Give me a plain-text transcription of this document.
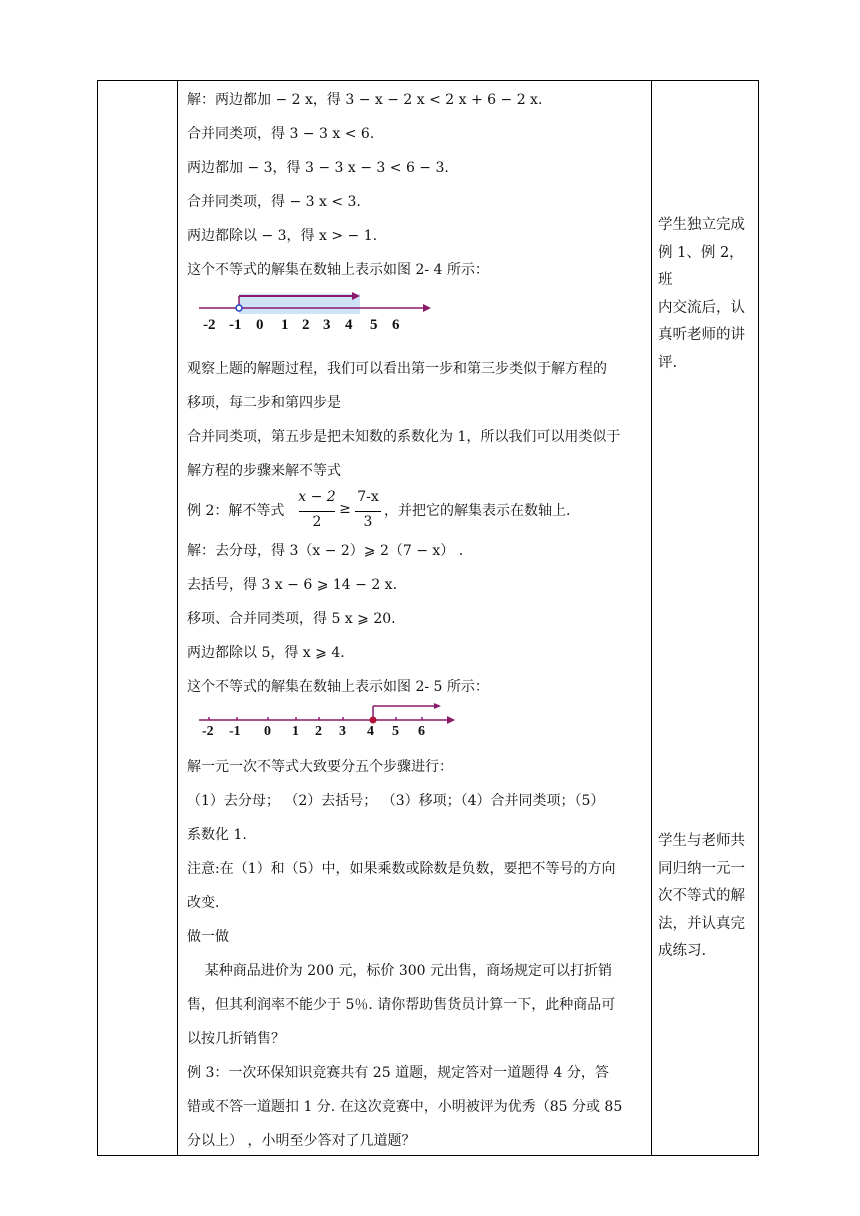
解：两边都加 − 2 x，得 3 − x − 2 x < 2 x + 6 − 2 x.
合并同类项，得 3 − 3 x < 6.
两边都加 − 3，得 3 − 3 x − 3 < 6 − 3.
合并同类项，得 − 3 x < 3.
两边都除以 − 3，得 x > − 1.
这个不等式的解集在数轴上表示如图 2- 4 所示：
-2 -1 0 1 2 3 4 5 6
观察上题的解题过程，我们可以看出第一步和第三步类似于解方程的
移项，每二步和第四步是
合并同类项，第五步是把未知数的系数化为 1，所以我们可以用类似于
解方程的步骤来解不等式
例 2：解不等式
x − 2
2
≥
7-x
3
，并把它的解集表示在数轴上.
解：去分母，得 3（x − 2）⩾ 2（7 − x） .
去括号，得 3 x − 6 ⩾ 14 − 2 x.
移项、合并同类项，得 5 x ⩾ 20.
两边都除以 5，得 x ⩾ 4.
这个不等式的解集在数轴上表示如图 2- 5 所示：
-2 -1 0 1 2 3 4 5 6
解一元一次不等式大致要分五个步骤进行：
（1）去分母； （2）去括号； （3）移项；（4）合并同类项；（5）
系数化 1.
注意:在（1）和（5）中，如果乘数或除数是负数，要把不等号的方向
改变.
做一做
某种商品进价为 200 元，标价 300 元出售，商场规定可以打折销
售，但其利润率不能少于 5％. 请你帮助售货员计算一下，此种商品可
以按几折销售？
例 3：一次环保知识竞赛共有 25 道题，规定答对一道题得 4 分，答
错或不答一道题扣 1 分. 在这次竞赛中，小明被评为优秀（85 分或 85
分以上） ，小明至少答对了几道题？
学生独立完成
例 1、例 2，班
内交流后，认
真听老师的讲
评.
学生与老师共
同归纳一元一
次不等式的解
法，并认真完
成练习.
